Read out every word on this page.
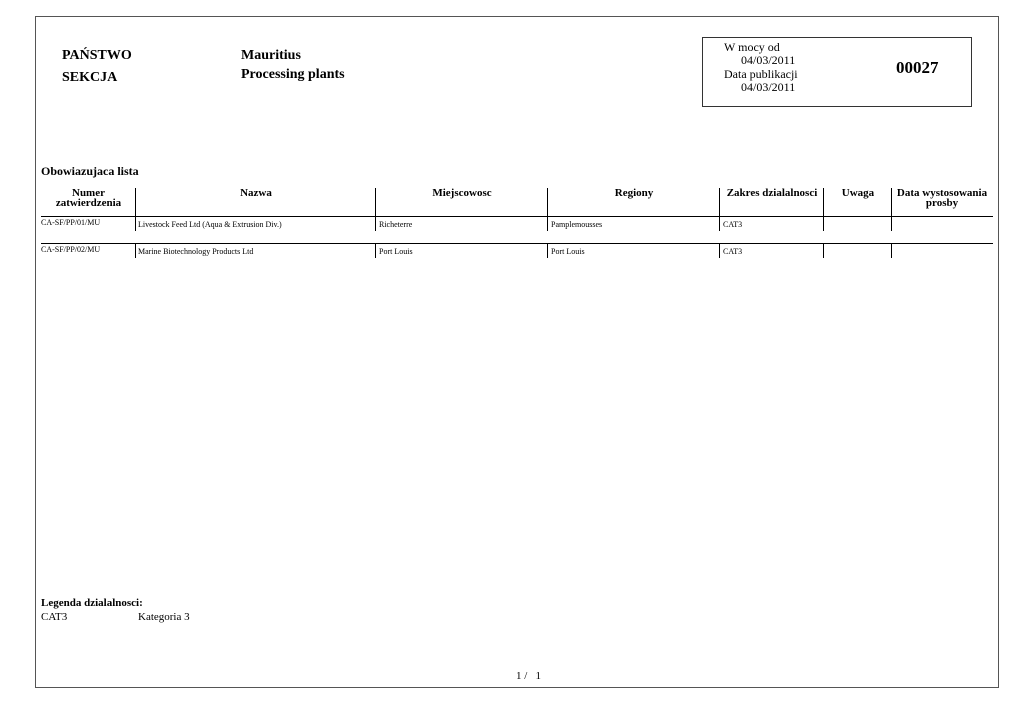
PAŃSTWO
SEKCJA
Mauritius
Processing plants
W mocy od
04/03/2011
Data publikacji
04/03/2011
00027
Obowiazujaca lista
Numer
zatwierdzenia
Nazwa	Miejscowosc	Regiony	Zakres dzialalnosci	Uwaga	Data wystosowania
prosby
CA-SF/PP/01/MU	Livestock Feed Ltd (Aqua & Extrusion Div.)	Richeterre	Pamplemousses	CAT3
CA-SF/PP/02/MU	Marine Biotechnology Products Ltd	Port Louis	Port Louis	CAT3
Legenda dzialalnosci:
CAT3	Kategoria 3
1 /   1
